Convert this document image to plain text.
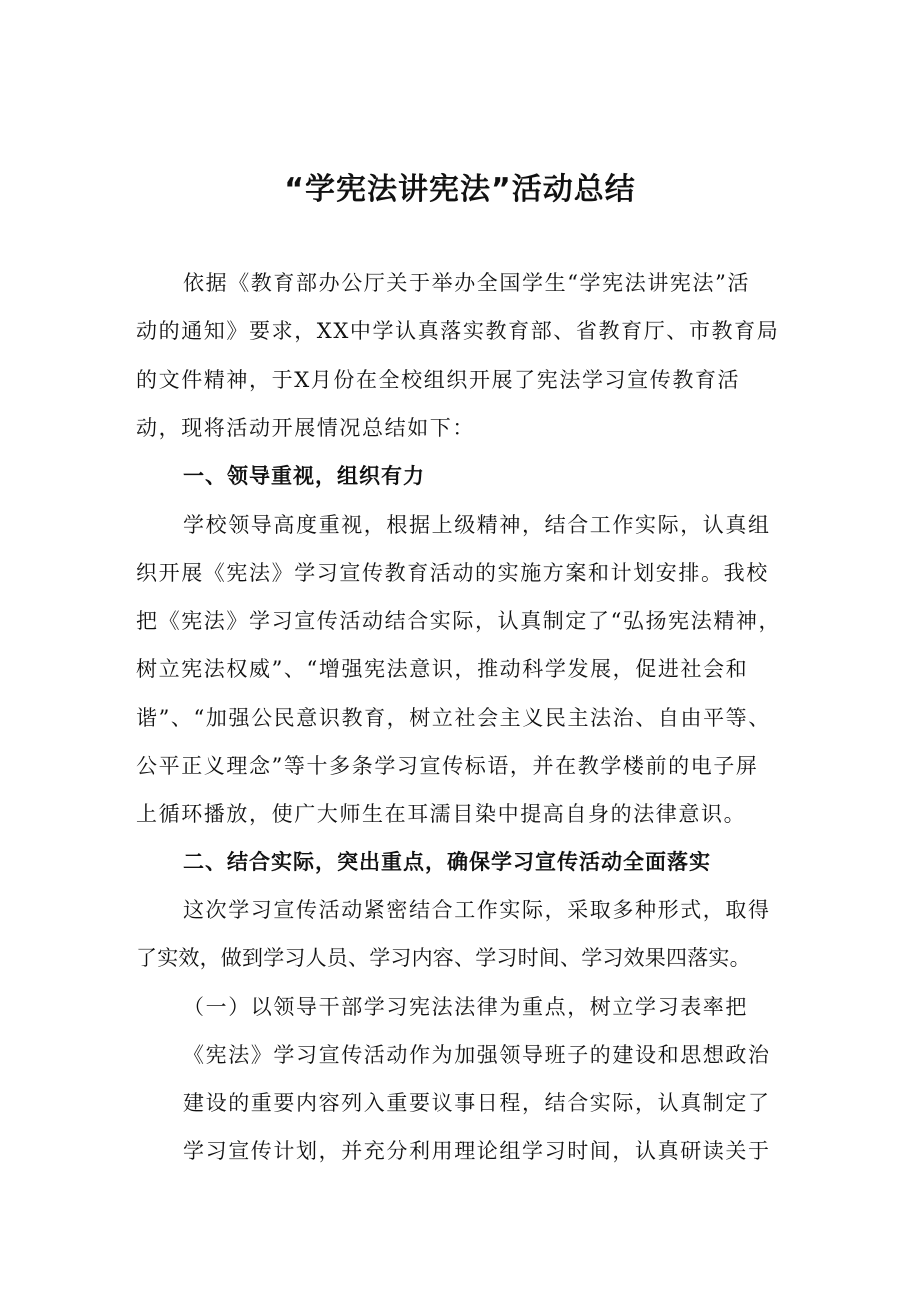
“学宪法讲宪法”活动总结

依据《教育部办公厅关于举办全国学生“学宪法讲宪法”活

动的通知》要求，XX中学认真落实教育部、省教育厅、市教育局

的文件精神，于X月份在全校组织开展了宪法学习宣传教育活

动，现将活动开展情况总结如下：

一、领导重视，组织有力

学校领导高度重视，根据上级精神，结合工作实际，认真组

织开展《宪法》学习宣传教育活动的实施方案和计划安排。我校

把《宪法》学习宣传活动结合实际，认真制定了“弘扬宪法精神，

树立宪法权威”、“增强宪法意识，推动科学发展，促进社会和

谐”、“加强公民意识教育，树立社会主义民主法治、自由平等、

公平正义理念”等十多条学习宣传标语，并在教学楼前的电子屏

上循环播放，使广大师生在耳濡目染中提高自身的法律意识。

二、结合实际，突出重点，确保学习宣传活动全面落实

这次学习宣传活动紧密结合工作实际，采取多种形式，取得

了实效，做到学习人员、学习内容、学习时间、学习效果四落实。

（一）以领导干部学习宪法法律为重点，树立学习表率把

《宪法》学习宣传活动作为加强领导班子的建设和思想政治

建设的重要内容列入重要议事日程，结合实际，认真制定了

学习宣传计划，并充分利用理论组学习时间，认真研读关于
